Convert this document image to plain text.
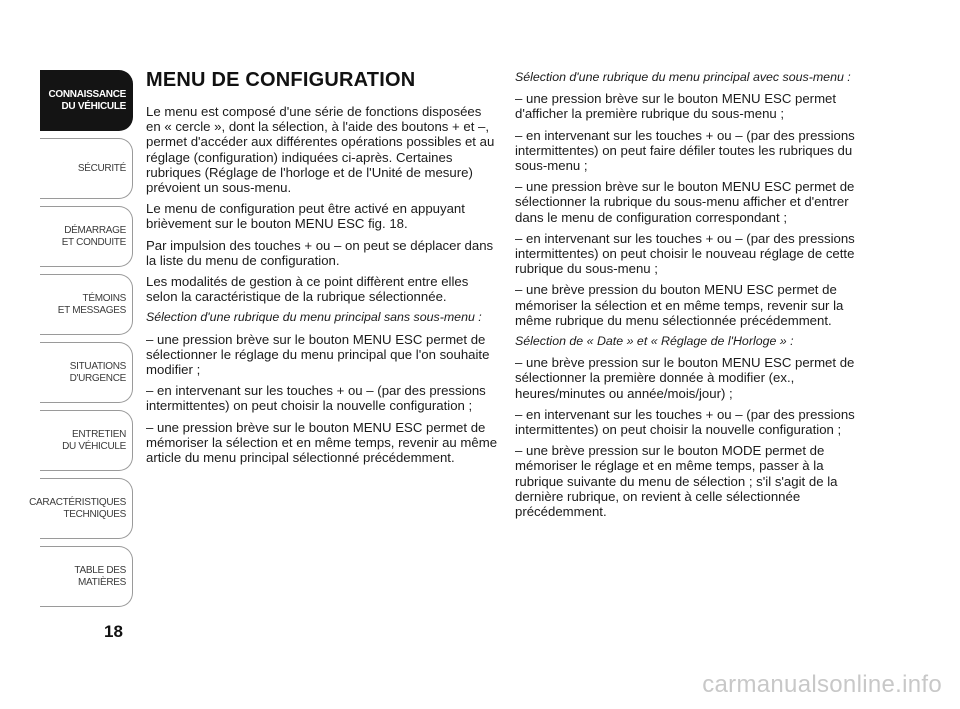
CONNAISSANCE
DU VÉHICULE
SÉCURITÉ
DÉMARRAGE
ET CONDUITE
TÉMOINS
ET MESSAGES
SITUATIONS
D'URGENCE
ENTRETIEN
DU VÉHICULE
CARACTÉRISTIQUES
TECHNIQUES
TABLE DES
MATIÈRES
18
MENU DE CONFIGURATION

Le menu est composé d'une série de fonctions disposées en « cercle », dont la sélection, à l'aide des boutons + et –, permet d'accéder aux différentes opérations possibles et au réglage (configuration) indiquées ci-après. Certaines rubriques (Réglage de l'horloge et de l'Unité de mesure) prévoient un sous-menu.

Le menu de configuration peut être activé en appuyant brièvement sur le bouton MENU ESC fig. 18.

Par impulsion des touches + ou – on peut se déplacer dans la liste du menu de configuration.

Les modalités de gestion à ce point diffèrent entre elles selon la caractéristique de la rubrique sélectionnée.

Sélection d'une rubrique du menu principal sans sous-menu :

– une pression brève sur le bouton MENU ESC permet de sélectionner le réglage du menu principal que l'on souhaite modifier ;

– en intervenant sur les touches + ou – (par des pressions intermittentes) on peut choisir la nouvelle configuration ;

– une pression brève sur le bouton MENU ESC permet de mémoriser la sélection et en même temps, revenir au même article du menu principal sélectionné précédemment.

Sélection d'une rubrique du menu principal avec sous-menu :

– une pression brève sur le bouton MENU ESC permet d'afficher la première rubrique du sous-menu ;

– en intervenant sur les touches + ou – (par des pressions intermittentes) on peut faire défiler toutes les rubriques du sous-menu ;

– une pression brève sur le bouton MENU ESC permet de sélectionner la rubrique du sous-menu afficher et d'entrer dans le menu de configuration correspondant ;

– en intervenant sur les touches + ou – (par des pressions intermittentes) on peut choisir le nouveau réglage de cette rubrique du sous-menu ;

– une brève pression du bouton MENU ESC permet de mémoriser la sélection et en même temps, revenir sur la même rubrique du menu sélectionnée précédemment.

Sélection de « Date » et « Réglage de l'Horloge » :

– une brève pression sur le bouton MENU ESC permet de sélectionner la première donnée à modifier (ex., heures/minutes ou année/mois/jour) ;

– en intervenant sur les touches + ou – (par des pressions intermittentes) on peut choisir la nouvelle configuration ;

– une brève pression sur le bouton MODE permet de mémoriser le réglage et en même temps, passer à la rubrique suivante du menu de sélection ; s'il s'agit de la dernière rubrique, on revient à celle sélectionnée précédemment.

carmanualsonline.info
